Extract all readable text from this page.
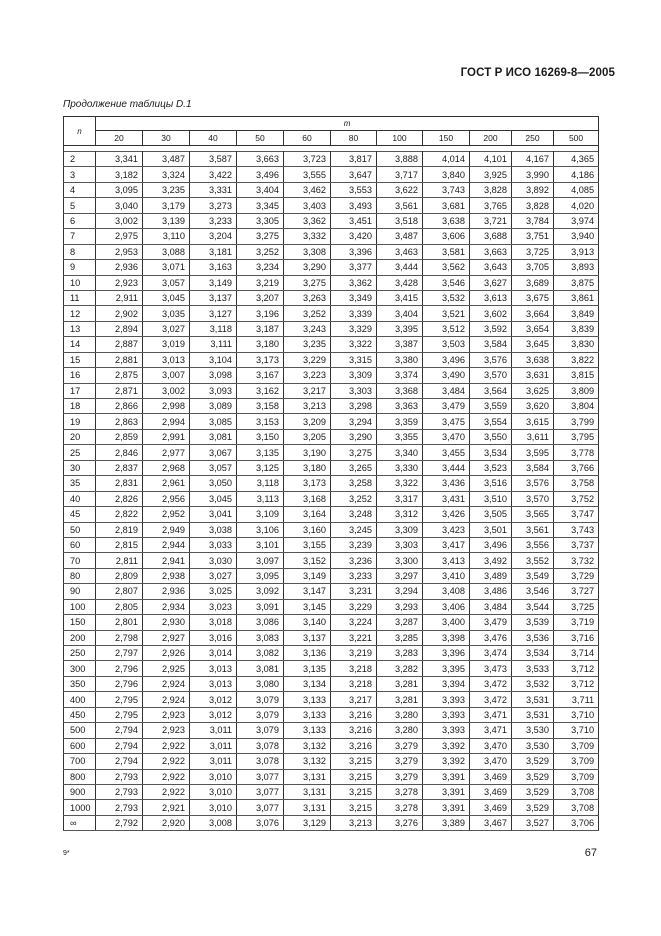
ГОСТ Р ИСО 16269-8—2005
Продолжение таблицы D.1
n	m										
	20	30	40	50	60	80	100	150	200	250	500

2	3,341	3,487	3,587	3,663	3,723	3,817	3,888	4,014	4,101	4,167	4,365
3	3,182	3,324	3,422	3,496	3,555	3,647	3,717	3,840	3,925	3,990	4,186
4	3,095	3,235	3,331	3,404	3,462	3,553	3,622	3,743	3,828	3,892	4,085
5	3,040	3,179	3,273	3,345	3,403	3,493	3,561	3,681	3,765	3,828	4,020
6	3,002	3,139	3,233	3,305	3,362	3,451	3,518	3,638	3,721	3,784	3,974
7	2,975	3,110	3,204	3,275	3,332	3,420	3,487	3,606	3,688	3,751	3,940
8	2,953	3,088	3,181	3,252	3,308	3,396	3,463	3,581	3,663	3,725	3,913
9	2,936	3,071	3,163	3,234	3,290	3,377	3,444	3,562	3,643	3,705	3,893
10	2,923	3,057	3,149	3,219	3,275	3,362	3,428	3,546	3,627	3,689	3,875
11	2,911	3,045	3,137	3,207	3,263	3,349	3,415	3,532	3,613	3,675	3,861
12	2,902	3,035	3,127	3,196	3,252	3,339	3,404	3,521	3,602	3,664	3,849
13	2,894	3,027	3,118	3,187	3,243	3,329	3,395	3,512	3,592	3,654	3,839
14	2,887	3,019	3,111	3,180	3,235	3,322	3,387	3,503	3,584	3,645	3,830
15	2,881	3,013	3,104	3,173	3,229	3,315	3,380	3,496	3,576	3,638	3,822
16	2,875	3,007	3,098	3,167	3,223	3,309	3,374	3,490	3,570	3,631	3,815
17	2,871	3,002	3,093	3,162	3,217	3,303	3,368	3,484	3,564	3,625	3,809
18	2,866	2,998	3,089	3,158	3,213	3,298	3,363	3,479	3,559	3,620	3,804
19	2,863	2,994	3,085	3,153	3,209	3,294	3,359	3,475	3,554	3,615	3,799
20	2,859	2,991	3,081	3,150	3,205	3,290	3,355	3,470	3,550	3,611	3,795
25	2,846	2,977	3,067	3,135	3,190	3,275	3,340	3,455	3,534	3,595	3,778
30	2,837	2,968	3,057	3,125	3,180	3,265	3,330	3,444	3,523	3,584	3,766
35	2,831	2,961	3,050	3,118	3,173	3,258	3,322	3,436	3,516	3,576	3,758
40	2,826	2,956	3,045	3,113	3,168	3,252	3,317	3,431	3,510	3,570	3,752
45	2,822	2,952	3,041	3,109	3,164	3,248	3,312	3,426	3,505	3,565	3,747
50	2,819	2,949	3,038	3,106	3,160	3,245	3,309	3,423	3,501	3,561	3,743
60	2,815	2,944	3,033	3,101	3,155	3,239	3,303	3,417	3,496	3,556	3,737
70	2,811	2,941	3,030	3,097	3,152	3,236	3,300	3,413	3,492	3,552	3,732
80	2,809	2,938	3,027	3,095	3,149	3,233	3,297	3,410	3,489	3,549	3,729
90	2,807	2,936	3,025	3,092	3,147	3,231	3,294	3,408	3,486	3,546	3,727
100	2,805	2,934	3,023	3,091	3,145	3,229	3,293	3,406	3,484	3,544	3,725
150	2,801	2,930	3,018	3,086	3,140	3,224	3,287	3,400	3,479	3,539	3,719
200	2,798	2,927	3,016	3,083	3,137	3,221	3,285	3,398	3,476	3,536	3,716
250	2,797	2,926	3,014	3,082	3,136	3,219	3,283	3,396	3,474	3,534	3,714
300	2,796	2,925	3,013	3,081	3,135	3,218	3,282	3,395	3,473	3,533	3,712
350	2,796	2,924	3,013	3,080	3,134	3,218	3,281	3,394	3,472	3,532	3,712
400	2,795	2,924	3,012	3,079	3,133	3,217	3,281	3,393	3,472	3,531	3,711
450	2,795	2,923	3,012	3,079	3,133	3,216	3,280	3,393	3,471	3,531	3,710
500	2,794	2,923	3,011	3,079	3,133	3,216	3,280	3,393	3,471	3,530	3,710
600	2,794	2,922	3,011	3,078	3,132	3,216	3,279	3,392	3,470	3,530	3,709
700	2,794	2,922	3,011	3,078	3,132	3,215	3,279	3,392	3,470	3,529	3,709
800	2,793	2,922	3,010	3,077	3,131	3,215	3,279	3,391	3,469	3,529	3,709
900	2,793	2,922	3,010	3,077	3,131	3,215	3,278	3,391	3,469	3,529	3,708
1000	2,793	2,921	3,010	3,077	3,131	3,215	3,278	3,391	3,469	3,529	3,708
∞	2,792	2,920	3,008	3,076	3,129	3,213	3,276	3,389	3,467	3,527	3,706
9*	67
